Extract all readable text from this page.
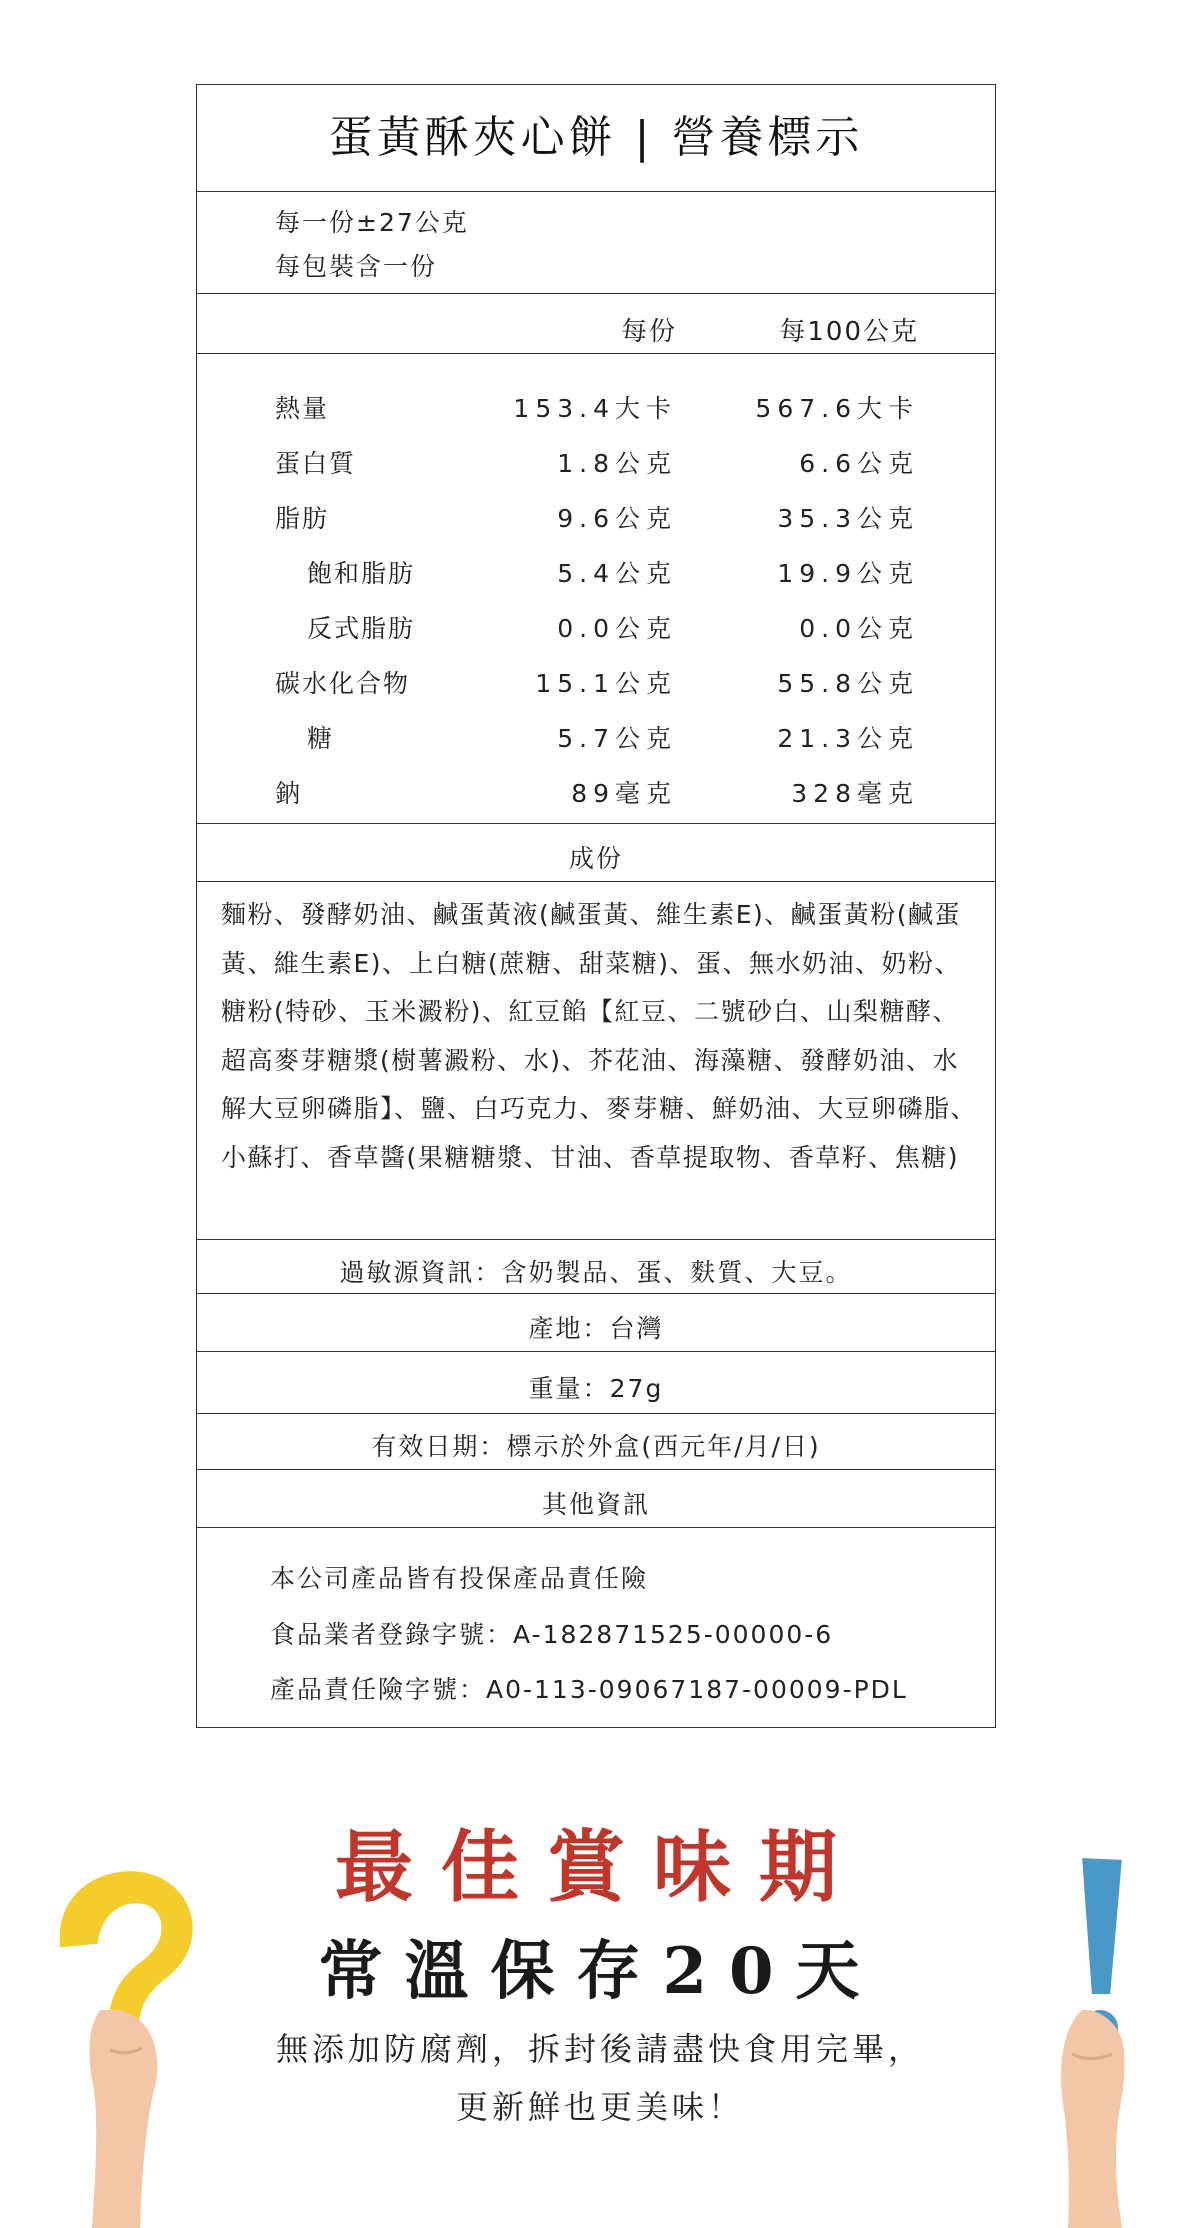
蛋黃酥夾心餅 | 營養標示
每一份±27公克
每包裝含一份
每份	每100公克
熱量	153.4大卡	567.6大卡
蛋白質	1.8公克	6.6公克
脂肪	9.6公克	35.3公克
飽和脂肪	5.4公克	19.9公克
反式脂肪	0.0公克	0.0公克
碳水化合物	15.1公克	55.8公克
糖	5.7公克	21.3公克
鈉	89毫克	328毫克
成份
麵粉、發酵奶油、鹹蛋黃液(鹹蛋黃、維生素E)、鹹蛋黃粉(鹹蛋黃、維生素E)、上白糖(蔗糖、甜菜糖)、蛋、無水奶油、奶粉、糖粉(特砂、玉米澱粉)、紅豆餡【紅豆、二號砂白、山梨糖酵、超高麥芽糖漿(樹薯澱粉、水)、芥花油、海藻糖、發酵奶油、水解大豆卵磷脂】、鹽、白巧克力、麥芽糖、鮮奶油、大豆卵磷脂、小蘇打、香草醬(果糖糖漿、甘油、香草提取物、香草籽、焦糖)
過敏源資訊：含奶製品、蛋、麩質、大豆。
產地：台灣
重量：27g
有效日期：標示於外盒(西元年/月/日)
其他資訊
本公司產品皆有投保產品責任險
食品業者登錄字號：A-182871525-00000-6
產品責任險字號：A0-113-09067187-00009-PDL
最佳賞味期
常溫保存20天
無添加防腐劑，拆封後請盡快食用完畢，
更新鮮也更美味！
